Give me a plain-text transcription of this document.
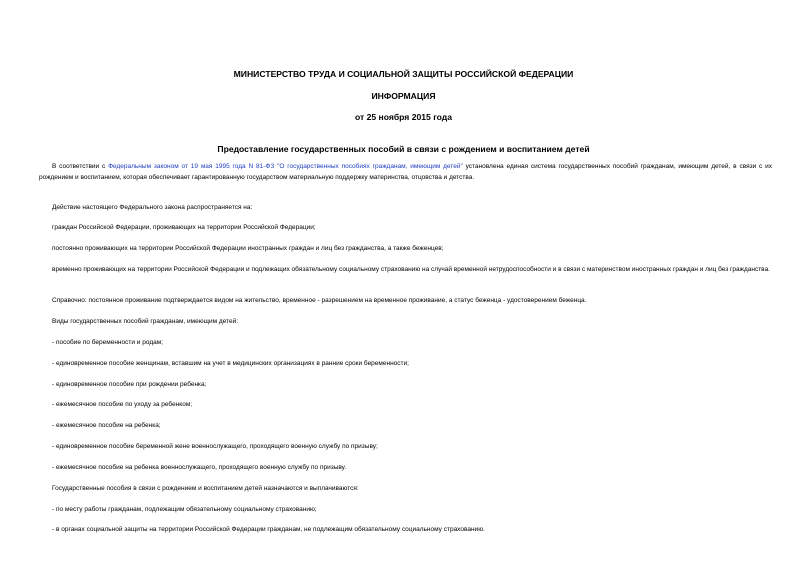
МИНИСТЕРСТВО ТРУДА И СОЦИАЛЬНОЙ ЗАЩИТЫ РОССИЙСКОЙ ФЕДЕРАЦИИ
ИНФОРМАЦИЯ
от 25 ноября 2015 года
Предоставление государственных пособий в связи с рождением и воспитанием детей

В соответствии с Федеральным законом от 19 мая 1995 года N 81-ФЗ "О государственных пособиях гражданам, имеющим детей" установлена единая система государственных пособий гражданам, имеющим детей, в связи с их рождением и воспитанием, которая обеспечивает гарантированную государством материальную поддержку материнства, отцовства и детства.

Действие настоящего Федерального закона распространяется на:

граждан Российской Федерации, проживающих на территории Российской Федерации;

постоянно проживающих на территории Российской Федерации иностранных граждан и лиц без гражданства, а также беженцев;

временно проживающих на территории Российской Федерации и подлежащих обязательному социальному страхованию на случай временной нетрудоспособности и в связи с материнством иностранных граждан и лиц без гражданства.

Справочно: постоянное проживание подтверждается видом на жительство, временное - разрешением на временное проживание, а статус беженца - удостоверением беженца.

Виды государственных пособий гражданам, имеющим детей:

- пособие по беременности и родам;

- единовременное пособие женщинам, вставшим на учет в медицинских организациях в ранние сроки беременности;

- единовременное пособие при рождении ребенка;

- ежемесячное пособие по уходу за ребенком;

- ежемесячное пособие на ребенка;

- единовременное пособие беременной жене военнослужащего, проходящего военную службу по призыву;

- ежемесячное пособие на ребенка военнослужащего, проходящего военную службу по призыву.

Государственные пособия в связи с рождением и воспитанием детей назначаются и выплачиваются:

- по месту работы гражданам, подлежащим обязательному социальному страхованию;

- в органах социальной защиты на территории Российской Федерации гражданам, не подлежащим обязательному социальному страхованию.
